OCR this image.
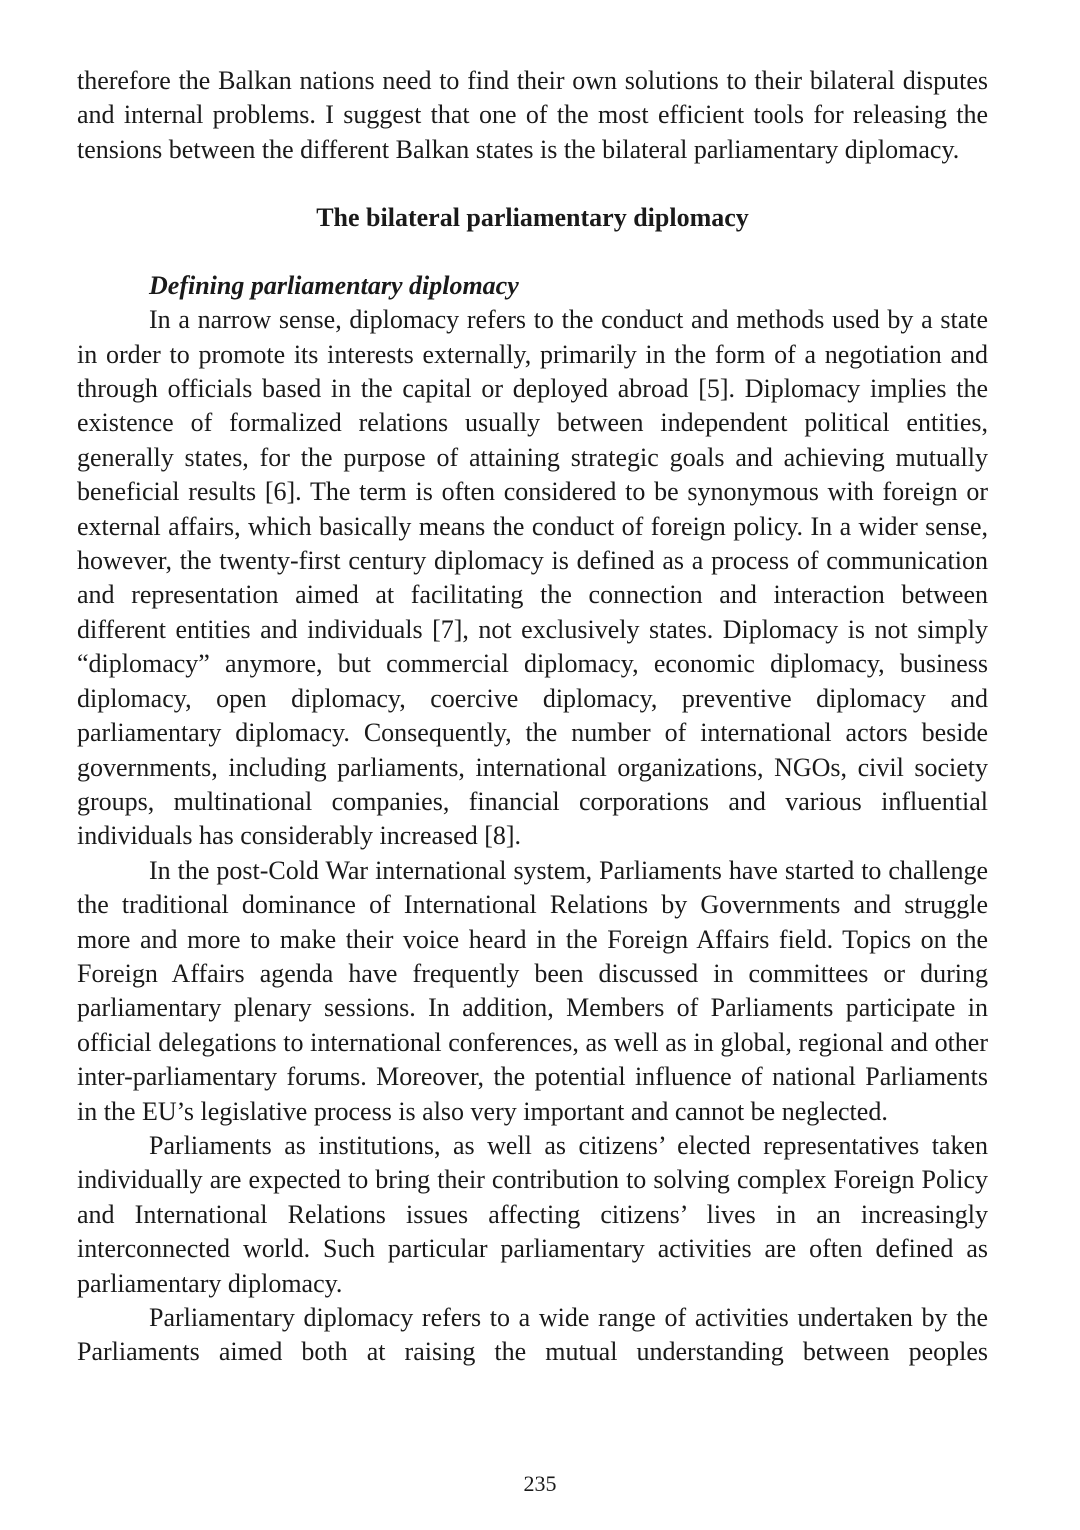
therefore the Balkan nations need to find their own solutions to their bilateral disputes and internal problems. I suggest that one of the most efficient tools for releasing the tensions between the different Balkan states is the bilateral parliamentary diplomacy.

The bilateral parliamentary diplomacy
Defining parliamentary diplomacy

In a narrow sense, diplomacy refers to the conduct and methods used by a state in order to promote its interests externally, primarily in the form of a negotiation and through officials based in the capital or deployed abroad [5]. Diplomacy implies the existence of formalized relations usually between independent political entities, generally states, for the purpose of attaining strategic goals and achieving mutually beneficial results [6]. The term is often considered to be synonymous with foreign or external affairs, which basically means the conduct of foreign policy. In a wider sense, however, the twenty-first century diplomacy is defined as a process of communication and representation aimed at facilitating the connection and interaction between different entities and individuals [7], not exclusively states. Diplomacy is not simply “diplomacy” anymore, but commercial diplomacy, economic diplomacy, business diplomacy, open diplomacy, coercive diplomacy, preventive diplomacy and parliamentary diplomacy. Consequently, the number of international actors beside governments, including parliaments, international organizations, NGOs, civil society groups, multinational companies, financial corporations and various influential individuals has considerably increased [8].

In the post-Cold War international system, Parliaments have started to challenge the traditional dominance of International Relations by Governments and struggle more and more to make their voice heard in the Foreign Affairs field. Topics on the Foreign Affairs agenda have frequently been discussed in committees or during parliamentary plenary sessions. In addition, Members of Parliaments participate in official delegations to international conferences, as well as in global, regional and other inter-parliamentary forums. Moreover, the potential influence of national Parliaments in the EU’s legislative process is also very important and cannot be neglected.

Parliaments as institutions, as well as citizens’ elected representatives taken individually are expected to bring their contribution to solving complex Foreign Policy and International Relations issues affecting citizens’ lives in an increasingly interconnected world. Such particular parliamentary activities are often defined as parliamentary diplomacy.

Parliamentary diplomacy refers to a wide range of activities undertaken by the Parliaments aimed both at raising the mutual understanding between peoples

235
